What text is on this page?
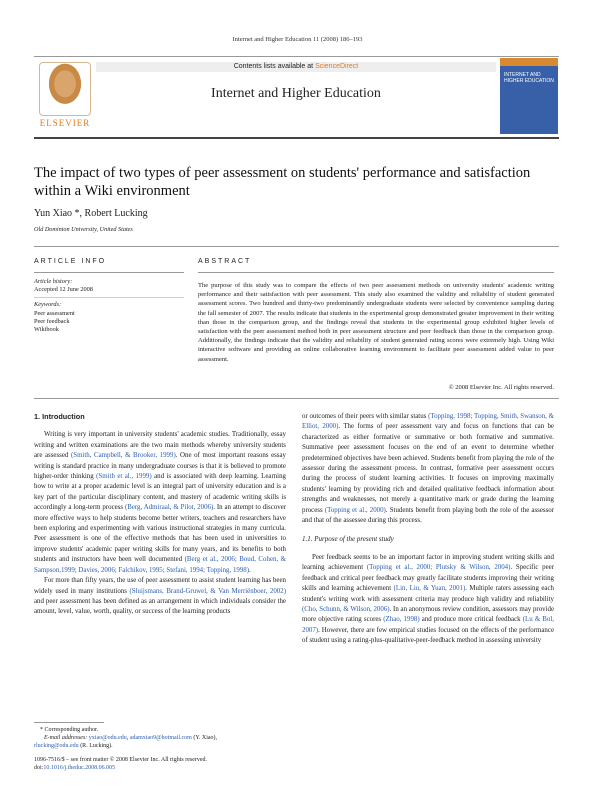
Internet and Higher Education 11 (2008) 186–193
ELSEVIER
Contents lists available at ScienceDirect
Internet and Higher Education
INTERNET AND HIGHER EDUCATION
The impact of two types of peer assessment on students' performance and satisfaction within a Wiki environment
Yun Xiao *, Robert Lucking
Old Dominion University, United States
ARTICLE INFO
Article history:
Accepted 12 June 2008
Keywords:
Peer assessment
Peer feedback
Wikibook
ABSTRACT
The purpose of this study was to compare the effects of two peer assessment methods on university students' academic writing performance and their satisfaction with peer assessment. This study also examined the validity and reliability of student generated assessment scores. Two hundred and thirty-two predominantly undergraduate students were selected by convenience sampling during the fall semester of 2007. The results indicate that students in the experimental group demonstrated greater improvement in their writing than those in the comparison group, and the findings reveal that students in the experimental group exhibited higher levels of satisfaction with the peer assessment method both in peer assessment structure and peer feedback than those in the comparison group. Additionally, the findings indicate that the validity and reliability of student generated rating scores were extremely high. Using Wiki interactive software and providing an online collaborative learning environment to facilitate peer assessment added value to peer assessment.
© 2008 Elsevier Inc. All rights reserved.
1. Introduction

Writing is very important in university students' academic studies. Traditionally, essay writing and written examinations are the two main methods whereby university students are assessed (Smith, Campbell, & Brooker, 1999). One of most important reasons essay writing is standard practice in many undergraduate courses is that it is believed to promote higher-order thinking (Smith et al., 1999) and is associated with deep learning. Learning how to write at a proper academic level is an integral part of university education and is a key part of the particular disciplinary content, and mastery of academic writing skills is accordingly a long-term process (Berg, Admiraal, & Pilot, 2006). In an attempt to discover more effective ways to help students become better writers, teachers and researchers have been exploring and experimenting with various instructional strategies in many curricula. Peer assessment is one of the effective methods that has been used in universities to improve students' academic paper writing skills for many years, and its benefits to both students and instructors have been well documented (Berg et al., 2006; Boud, Cohen, & Sampson,1999; Davies, 2006; Falchikov, 1995; Stefani, 1994; Topping, 1998).

For more than fifty years, the use of peer assessment to assist student learning has been widely used in many institutions (Sluijsmans, Brand-Gruwel, & Van Merriënboer, 2002) and peer assessment has been defined as an arrangement in which individuals consider the amount, level, value, worth, quality, or success of the learning products

or outcomes of their peers with similar status (Topping, 1998; Topping, Smith, Swanson, & Elliot, 2000). The forms of peer assessment vary and focus on functions that can be characterized as either formative or summative or both formative and summative. Summative peer assessment focuses on the end of an event to determine whether predetermined objectives have been achieved. Students benefit from playing the role of the assessor during the assessment process. In contrast, formative peer assessment occurs during the process of student learning activities. It focuses on improving maximally students' learning by providing rich and detailed qualitative feedback information about strengths and weaknesses, not merely a quantitative mark or grade during the learning process (Topping et al., 2000). Students benefit from playing both the role of the assessor and that of the assessee during this process.

1.1. Purpose of the present study

Peer feedback seems to be an important factor in improving student writing skills and learning achievement (Topping et al., 2000; Plutsky & Wilson, 2004). Specific peer feedback and critical peer feedback may greatly facilitate students improving their writing skills and learning achievement (Lin, Liu, & Yuan, 2001). Multiple raters assessing each student's writing work with assessment criteria may produce high validity and reliability (Cho, Schunn, & Wilson, 2006). In an anonymous review condition, assessors may provide more objective rating scores (Zhao, 1998) and produce more critical feedback (Lu & Bol, 2007). However, there are few empirical studies focused on the effects of the performance of student using a rating-plus-qualitative-peer-feedback method in assessing university

* Corresponding author.
E-mail addresses: yxiao@odu.edu, adamxiao9@hotmail.com (Y. Xiao),
rlucking@odu.edu (R. Lucking).
1096-7516/$ – see front matter © 2008 Elsevier Inc. All rights reserved.
doi:10.1016/j.iheduc.2008.06.005
